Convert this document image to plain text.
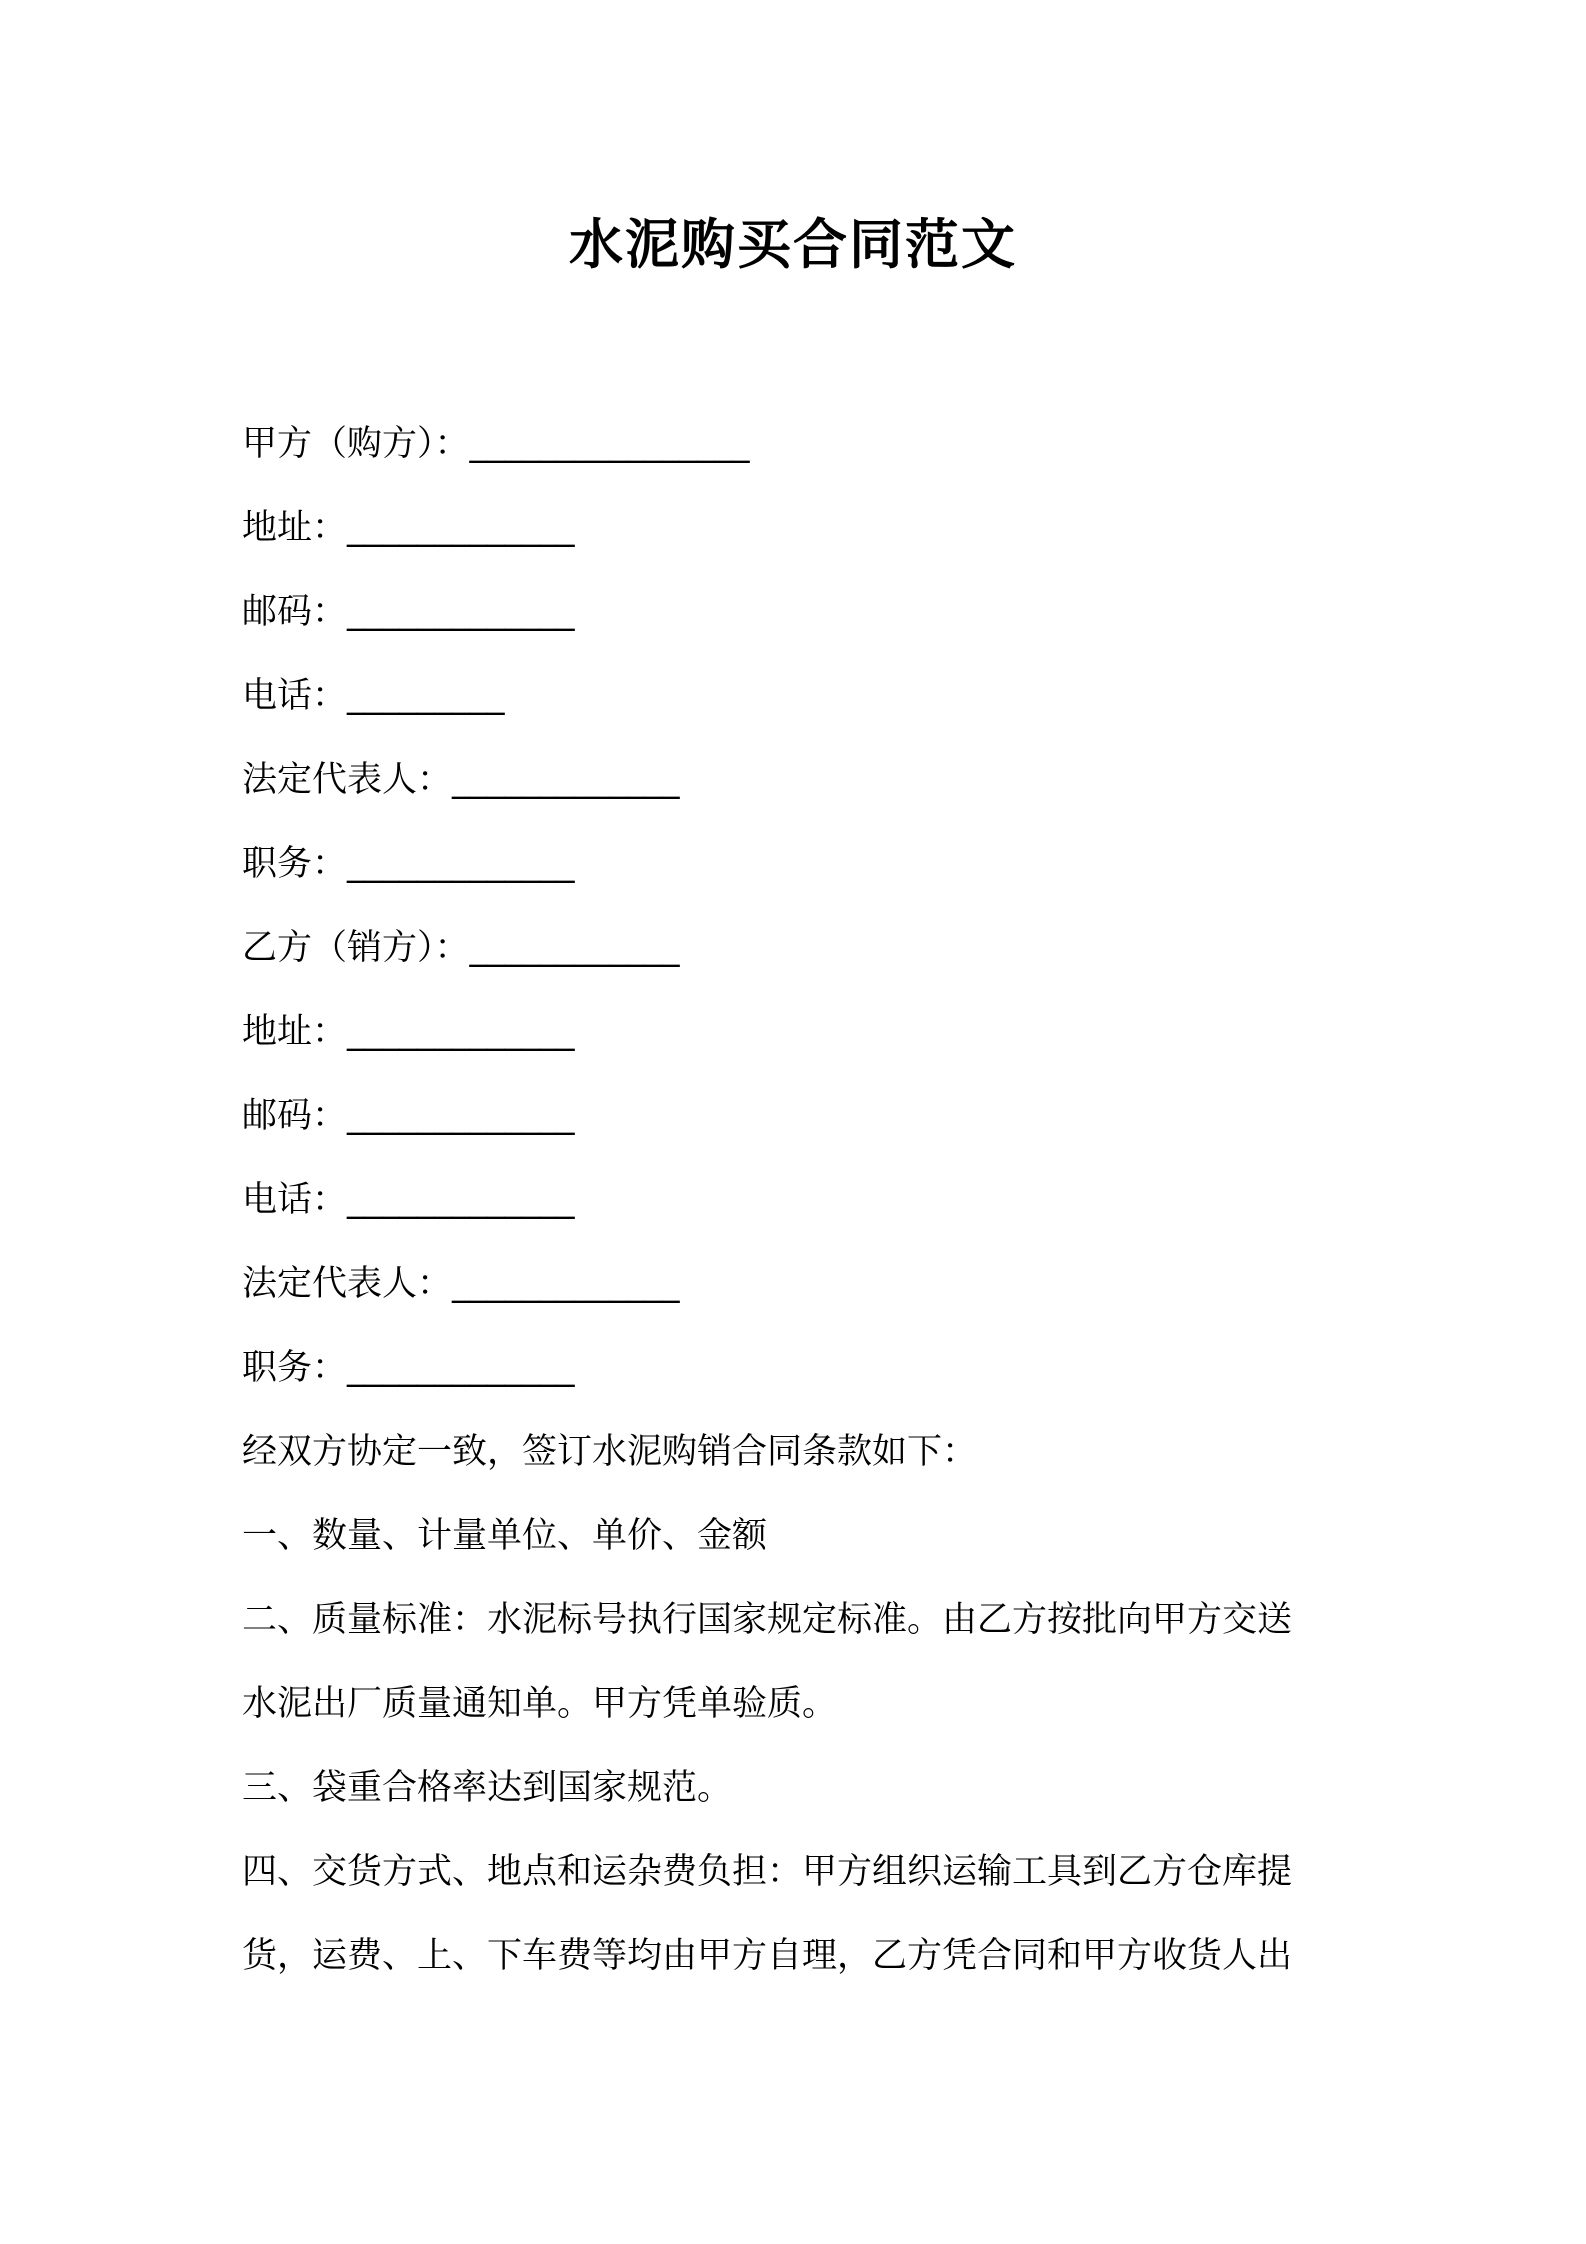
水泥购买合同范文

甲方（购方）：________________

地址：_____________

邮码：_____________

电话：_________

法定代表人：_____________

职务：_____________

乙方（销方）：____________

地址：_____________

邮码：_____________

电话：_____________

法定代表人：_____________

职务：_____________

经双方协定一致，签订水泥购销合同条款如下：

一、数量、计量单位、单价、金额

二、质量标准：水泥标号执行国家规定标准。由乙方按批向甲方交送

水泥出厂质量通知单。甲方凭单验质。

三、袋重合格率达到国家规范。

四、交货方式、地点和运杂费负担：甲方组织运输工具到乙方仓库提

货，运费、上、下车费等均由甲方自理，乙方凭合同和甲方收货人出
